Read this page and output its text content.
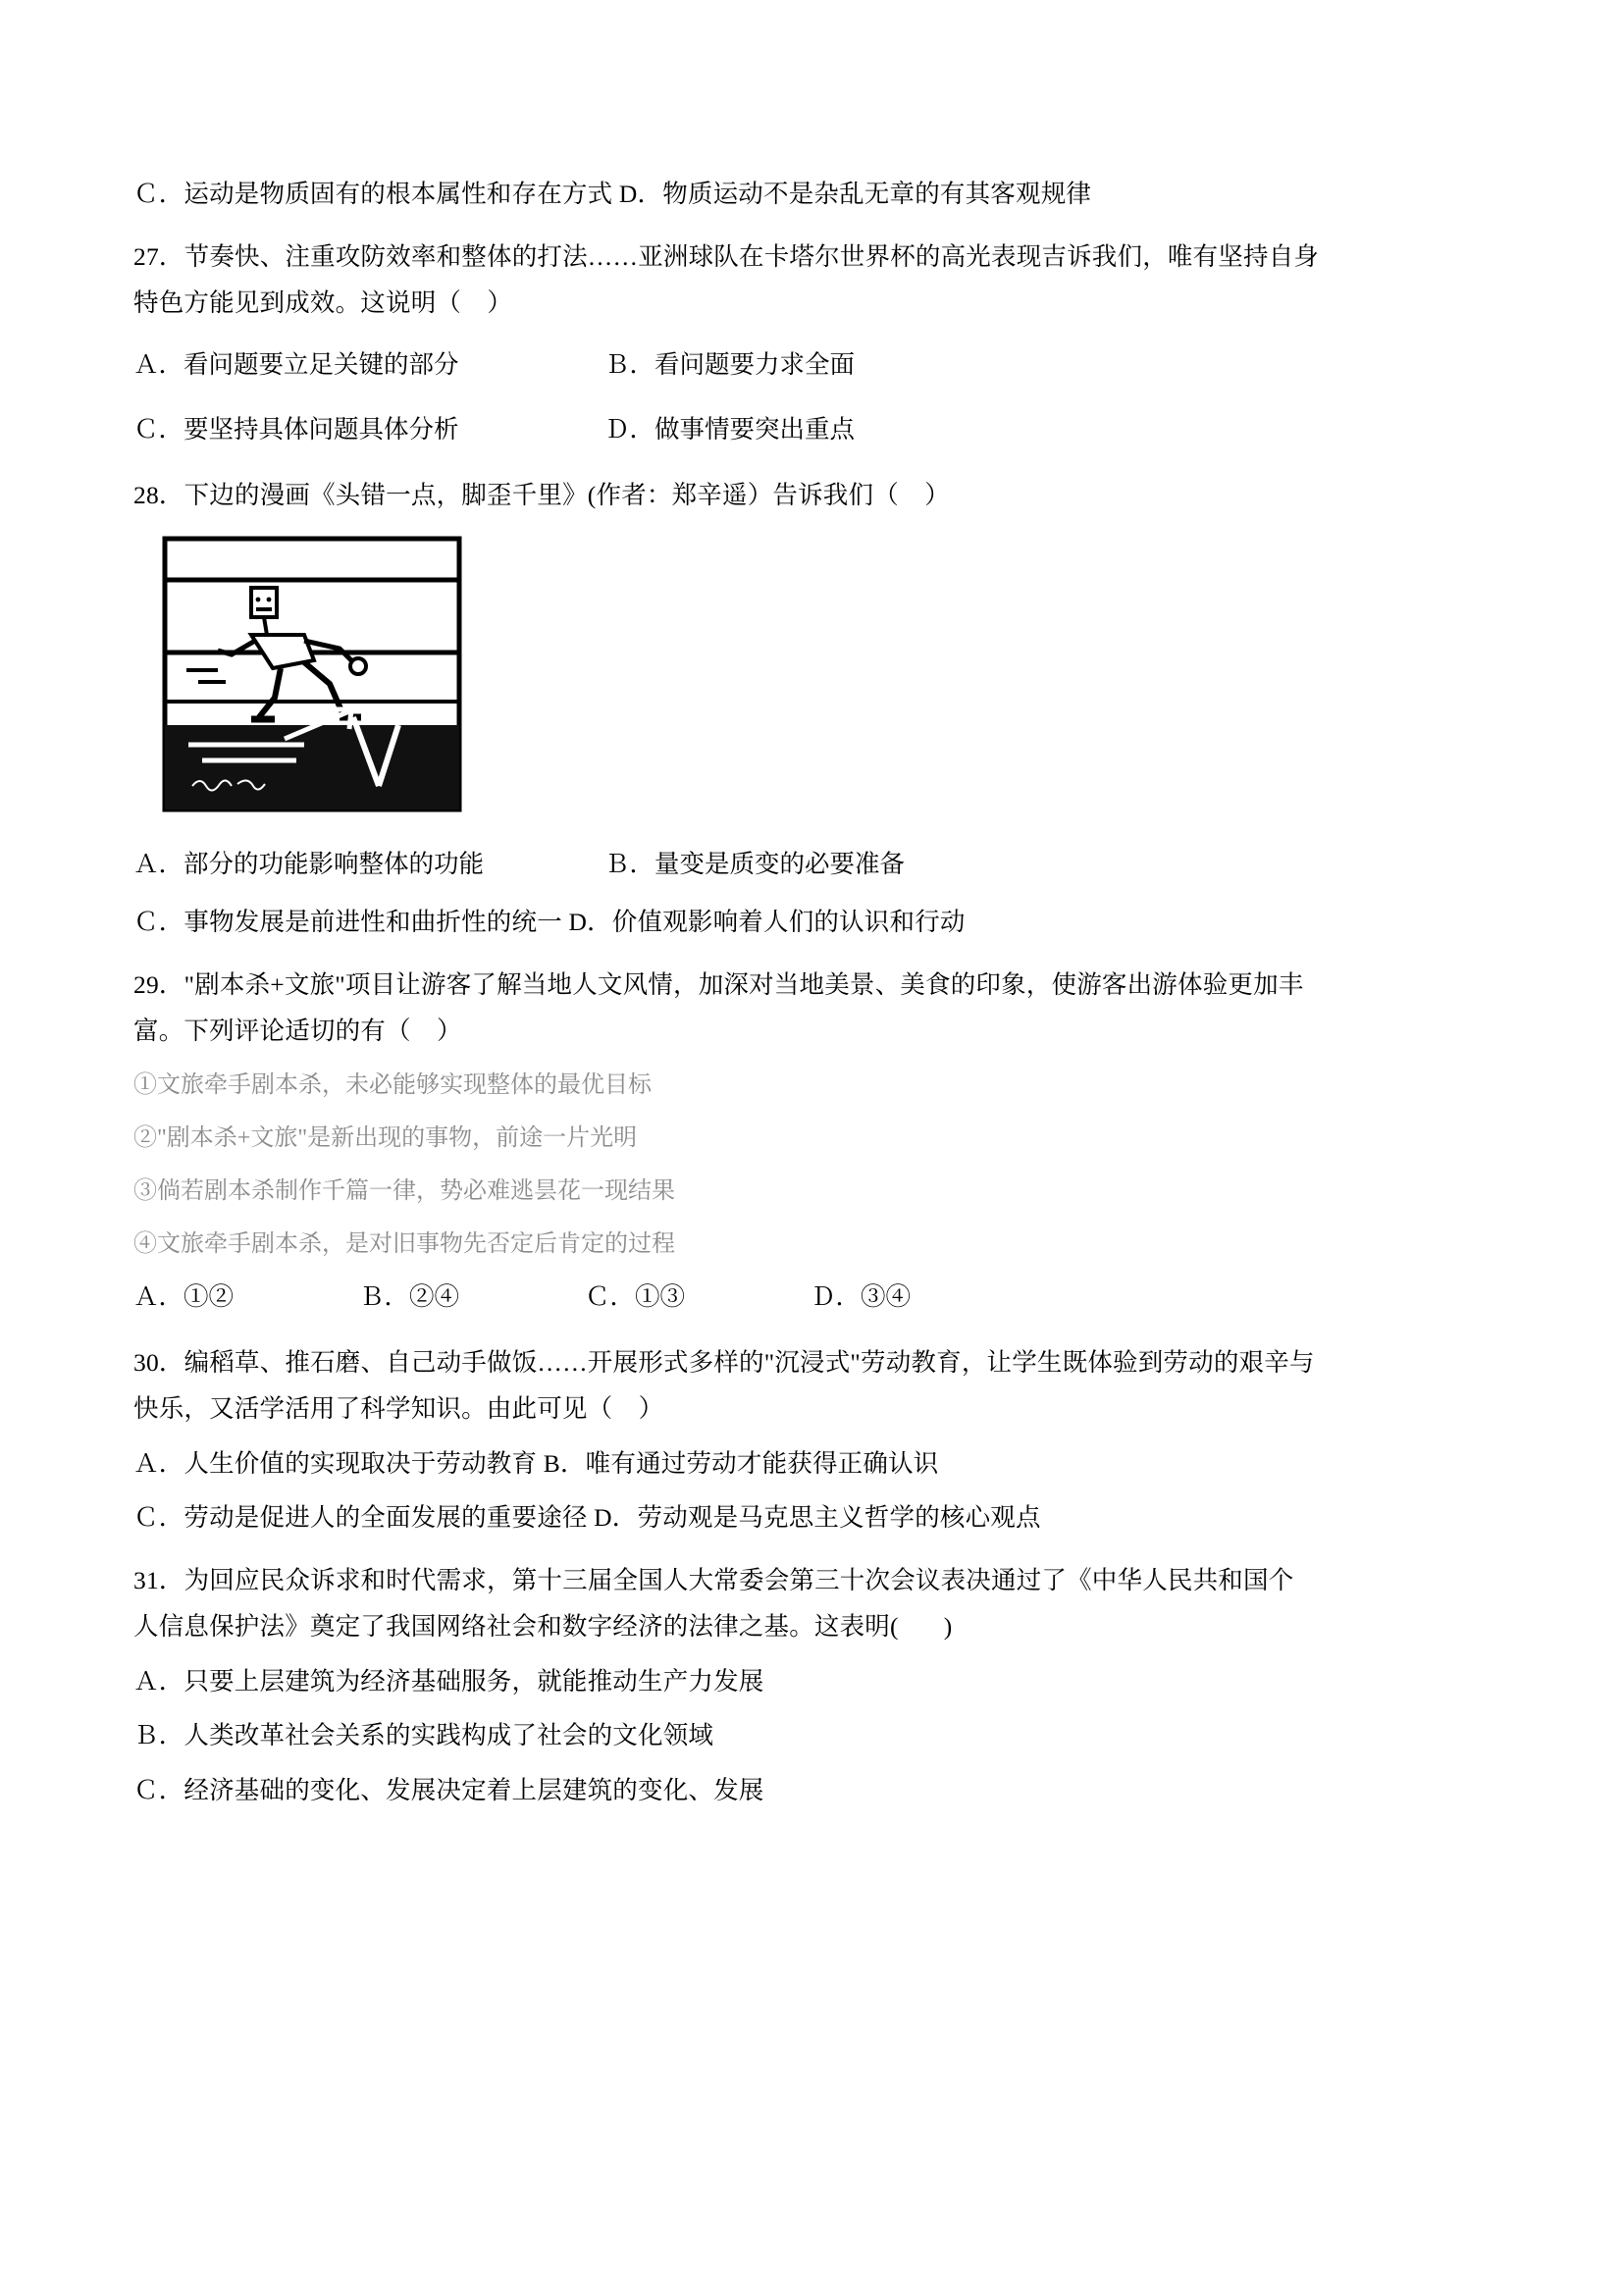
Ｃ．运动是物质固有的根本属性和存在方式 D．物质运动不是杂乱无章的有其客观规律
27．节奏快、注重攻防效率和整体的打法……亚洲球队在卡塔尔世界杯的高光表现吉诉我们，唯有坚持自身
特色方能见到成效。这说明（    ）
Ａ．看问题要立足关键的部分	Ｂ．看问题要力求全面
Ｃ．要坚持具体问题具体分析	Ｄ．做事情要突出重点
28．下边的漫画《头错一点，脚歪千里》(作者：郑辛遥）告诉我们（    ）
Ａ．部分的功能影响整体的功能	Ｂ．量变是质变的必要准备
Ｃ．事物发展是前进性和曲折性的统一 D．价值观影响着人们的认识和行动
29．"剧本杀+文旅"项目让游客了解当地人文风情，加深对当地美景、美食的印象，使游客出游体验更加丰
富。下列评论适切的有（    ）
①文旅牵手剧本杀，未必能够实现整体的最优目标
②"剧本杀+文旅"是新出现的事物，前途一片光明
③倘若剧本杀制作千篇一律，势必难逃昙花一现结果
④文旅牵手剧本杀，是对旧事物先否定后肯定的过程
Ａ．①②	Ｂ．②④	Ｃ．①③	Ｄ．③④
30．编稻草、推石磨、自己动手做饭……开展形式多样的"沉浸式"劳动教育，让学生既体验到劳动的艰辛与
快乐，又活学活用了科学知识。由此可见（    ）
Ａ．人生价值的实现取决于劳动教育 B．唯有通过劳动才能获得正确认识
Ｃ．劳动是促进人的全面发展的重要途径 D．劳动观是马克思主义哲学的核心观点
31．为回应民众诉求和时代需求，第十三届全国人大常委会第三十次会议表决通过了《中华人民共和国个
人信息保护法》奠定了我国网络社会和数字经济的法律之基。这表明(       )
Ａ．只要上层建筑为经济基础服务，就能推动生产力发展
Ｂ．人类改革社会关系的实践构成了社会的文化领域
Ｃ．经济基础的变化、发展决定着上层建筑的变化、发展
